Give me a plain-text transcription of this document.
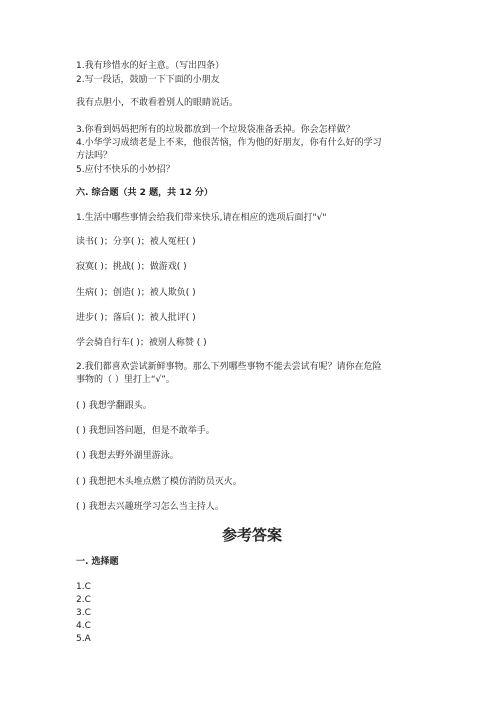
1.我有珍惜水的好主意。（写出四条）
2.写一段话，鼓励一下下面的小朋友
我有点胆小，不敢看着别人的眼睛说话。
3.你看到妈妈把所有的垃圾都放到一个垃圾袋准备丢掉。你会怎样做？
4.小华学习成绩老是上不来，他很苦恼，作为他的好朋友，你有什么好的学习
方法吗？
5.应付不快乐的小妙招？
六. 综合题（共 2 题，共 12 分）
1.生活中哪些事情会给我们带来快乐,请在相应的选项后面打"√"
读书( )；分享( )；被人冤枉( )
寂寞( )；挑战( )；做游戏( )
生病( )；创造( )；被人欺负( )
进步( )；落后( )；被人批评( )
学会骑自行车( )；被别人称赞 ( )
2.我们都喜欢尝试新鲜事物。那么下列哪些事物不能去尝试有呢？请你在危险
事物的（ ）里打上“√”。
( ) 我想学翻跟头。
( ) 我想回答问题，但是不敢举手。
( ) 我想去野外湖里游泳。
( ) 我想把木头堆点燃了模仿消防员灭火。
( ) 我想去兴趣班学习怎么当主持人。
参考答案
一. 选择题
1.C
2.C
3.C
4.C
5.A
